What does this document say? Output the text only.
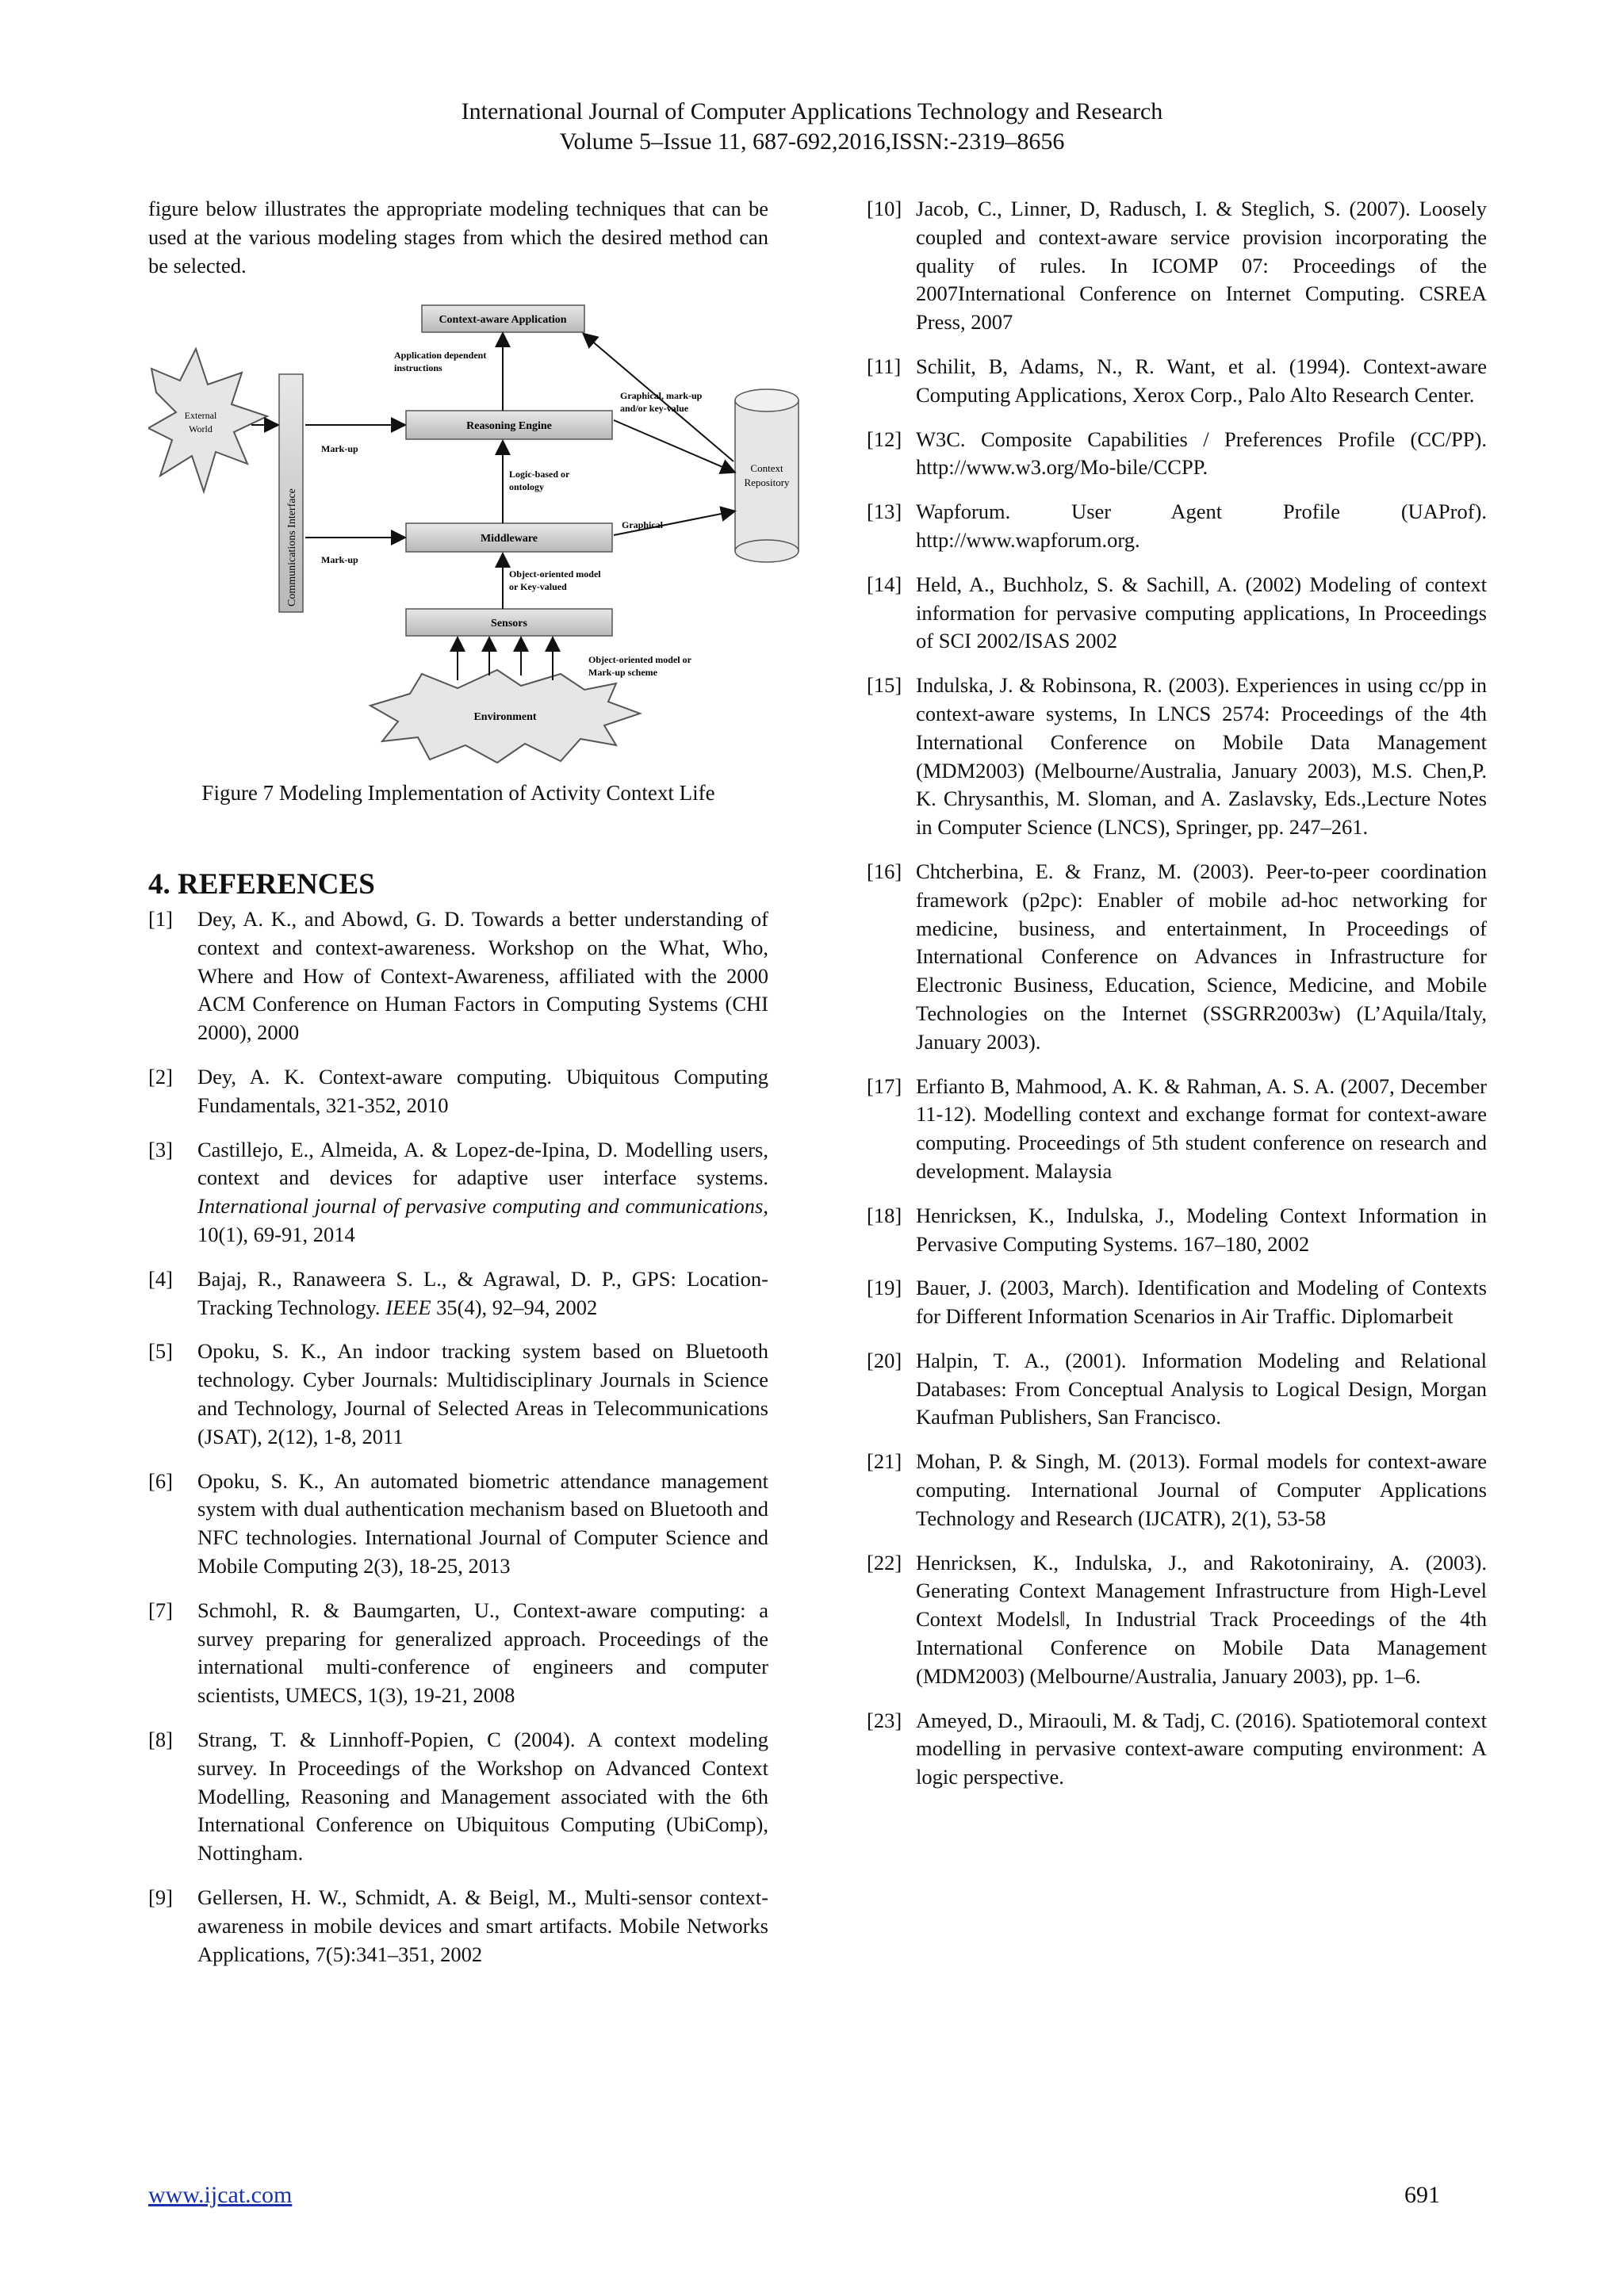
International Journal of Computer Applications Technology and Research
Volume 5–Issue 11, 687-692,2016,ISSN:-2319–8656

figure below illustrates the appropriate modeling techniques that can be used at the various modeling stages from which the desired method can be selected.

External
World
Communications Interface
Context-aware Application
Reasoning Engine
Middleware
Sensors
Context
Repository
Environment
Application dependent
instructions
Graphical, mark-up
and/or key-value
Mark-up
Logic-based or
ontology
Graphical
Mark-up
Object-oriented model
or Key-valued
Object-oriented model or
Mark-up scheme
Figure 7 Modeling Implementation of Activity Context Life
4. REFERENCES
[1]	Dey, A. K., and Abowd, G. D. Towards a better understanding of context and context-awareness. Workshop on the What, Who, Where and How of Context-Awareness, affiliated with the 2000 ACM Conference on Human Factors in Computing Systems (CHI 2000), 2000
[2]	Dey, A. K. Context-aware computing. Ubiquitous Computing Fundamentals, 321-352, 2010
[3]	Castillejo, E., Almeida, A. & Lopez-de-Ipina, D. Modelling users, context and devices for adaptive user interface systems. International journal of pervasive computing and communications, 10(1), 69-91, 2014
[4]	Bajaj, R., Ranaweera S. L., & Agrawal, D. P., GPS: Location-Tracking Technology. IEEE 35(4), 92–94, 2002
[5]	Opoku, S. K., An indoor tracking system based on Bluetooth technology. Cyber Journals: Multidisciplinary Journals in Science and Technology, Journal of Selected Areas in Telecommunications (JSAT), 2(12), 1-8, 2011
[6]	Opoku, S. K., An automated biometric attendance management system with dual authentication mechanism based on Bluetooth and NFC technologies. International Journal of Computer Science and Mobile Computing 2(3), 18-25, 2013
[7]	Schmohl, R. & Baumgarten, U., Context-aware computing: a survey preparing for generalized approach. Proceedings of the international multi-conference of engineers and computer scientists, UMECS, 1(3), 19-21, 2008
[8]	Strang, T. & Linnhoff-Popien, C (2004). A context modeling survey. In Proceedings of the Workshop on Advanced Context Modelling, Reasoning and Management associated with the 6th International Conference on Ubiquitous Computing (UbiComp), Nottingham.
[9]	Gellersen, H. W., Schmidt, A. & Beigl, M., Multi-sensor context-awareness in mobile devices and smart artifacts. Mobile Networks Applications, 7(5):341–351, 2002
[10] Jacob, C., Linner, D, Radusch, I. & Steglich, S. (2007). Loosely coupled and context-aware service provision incorporating the quality of rules. In ICOMP 07: Proceedings of the 2007International Conference on Internet Computing. CSREA Press, 2007
[11] Schilit, B, Adams, N., R. Want, et al. (1994). Context-aware Computing Applications, Xerox Corp., Palo Alto Research Center.
[12] W3C. Composite Capabilities / Preferences Profile (CC/PP). http://www.w3.org/Mo-bile/CCPP.
[13] Wapforum. User Agent Profile (UAProf). http://www.wapforum.org.
[14] Held, A., Buchholz, S. & Sachill, A. (2002) Modeling of context information for pervasive computing applications, In Proceedings of SCI 2002/ISAS 2002
[15] Indulska, J. & Robinsona, R. (2003). Experiences in using cc/pp in context-aware systems, In LNCS 2574: Proceedings of the 4th International Conference on Mobile Data Management (MDM2003) (Melbourne/Australia, January 2003), M.S. Chen,P. K. Chrysanthis, M. Sloman, and A. Zaslavsky, Eds.,Lecture Notes in Computer Science (LNCS), Springer, pp. 247–261.
[16] Chtcherbina, E. & Franz, M. (2003). Peer-to-peer coordination framework (p2pc): Enabler of mobile ad-hoc networking for medicine, business, and entertainment, In Proceedings of International Conference on Advances in Infrastructure for Electronic Business, Education, Science, Medicine, and Mobile Technologies on the Internet (SSGRR2003w) (L’Aquila/Italy, January 2003).
[17] Erfianto B, Mahmood, A. K. & Rahman, A. S. A. (2007, December 11-12). Modelling context and exchange format for context-aware computing. Proceedings of 5th student conference on research and development. Malaysia
[18] Henricksen, K., Indulska, J., Modeling Context Information in Pervasive Computing Systems. 167–180, 2002
[19] Bauer, J. (2003, March). Identification and Modeling of Contexts for Different Information Scenarios in Air Traffic. Diplomarbeit
[20] Halpin, T. A., (2001). Information Modeling and Relational Databases: From Conceptual Analysis to Logical Design, Morgan Kaufman Publishers, San Francisco.
[21] Mohan, P. & Singh, M. (2013). Formal models for context-aware computing. International Journal of Computer Applications Technology and Research (IJCATR), 2(1), 53-58
[22] Henricksen, K., Indulska, J., and Rakotonirainy, A. (2003). Generating Context Management Infrastructure from High-Level Context Models‖, In Industrial Track Proceedings of the 4th International Conference on Mobile Data Management (MDM2003) (Melbourne/Australia, January 2003), pp. 1–6.
[23] Ameyed, D., Miraouli, M. & Tadj, C. (2016). Spatiotemoral context modelling in pervasive context-aware computing environment: A logic perspective.
www.ijcat.com	691
